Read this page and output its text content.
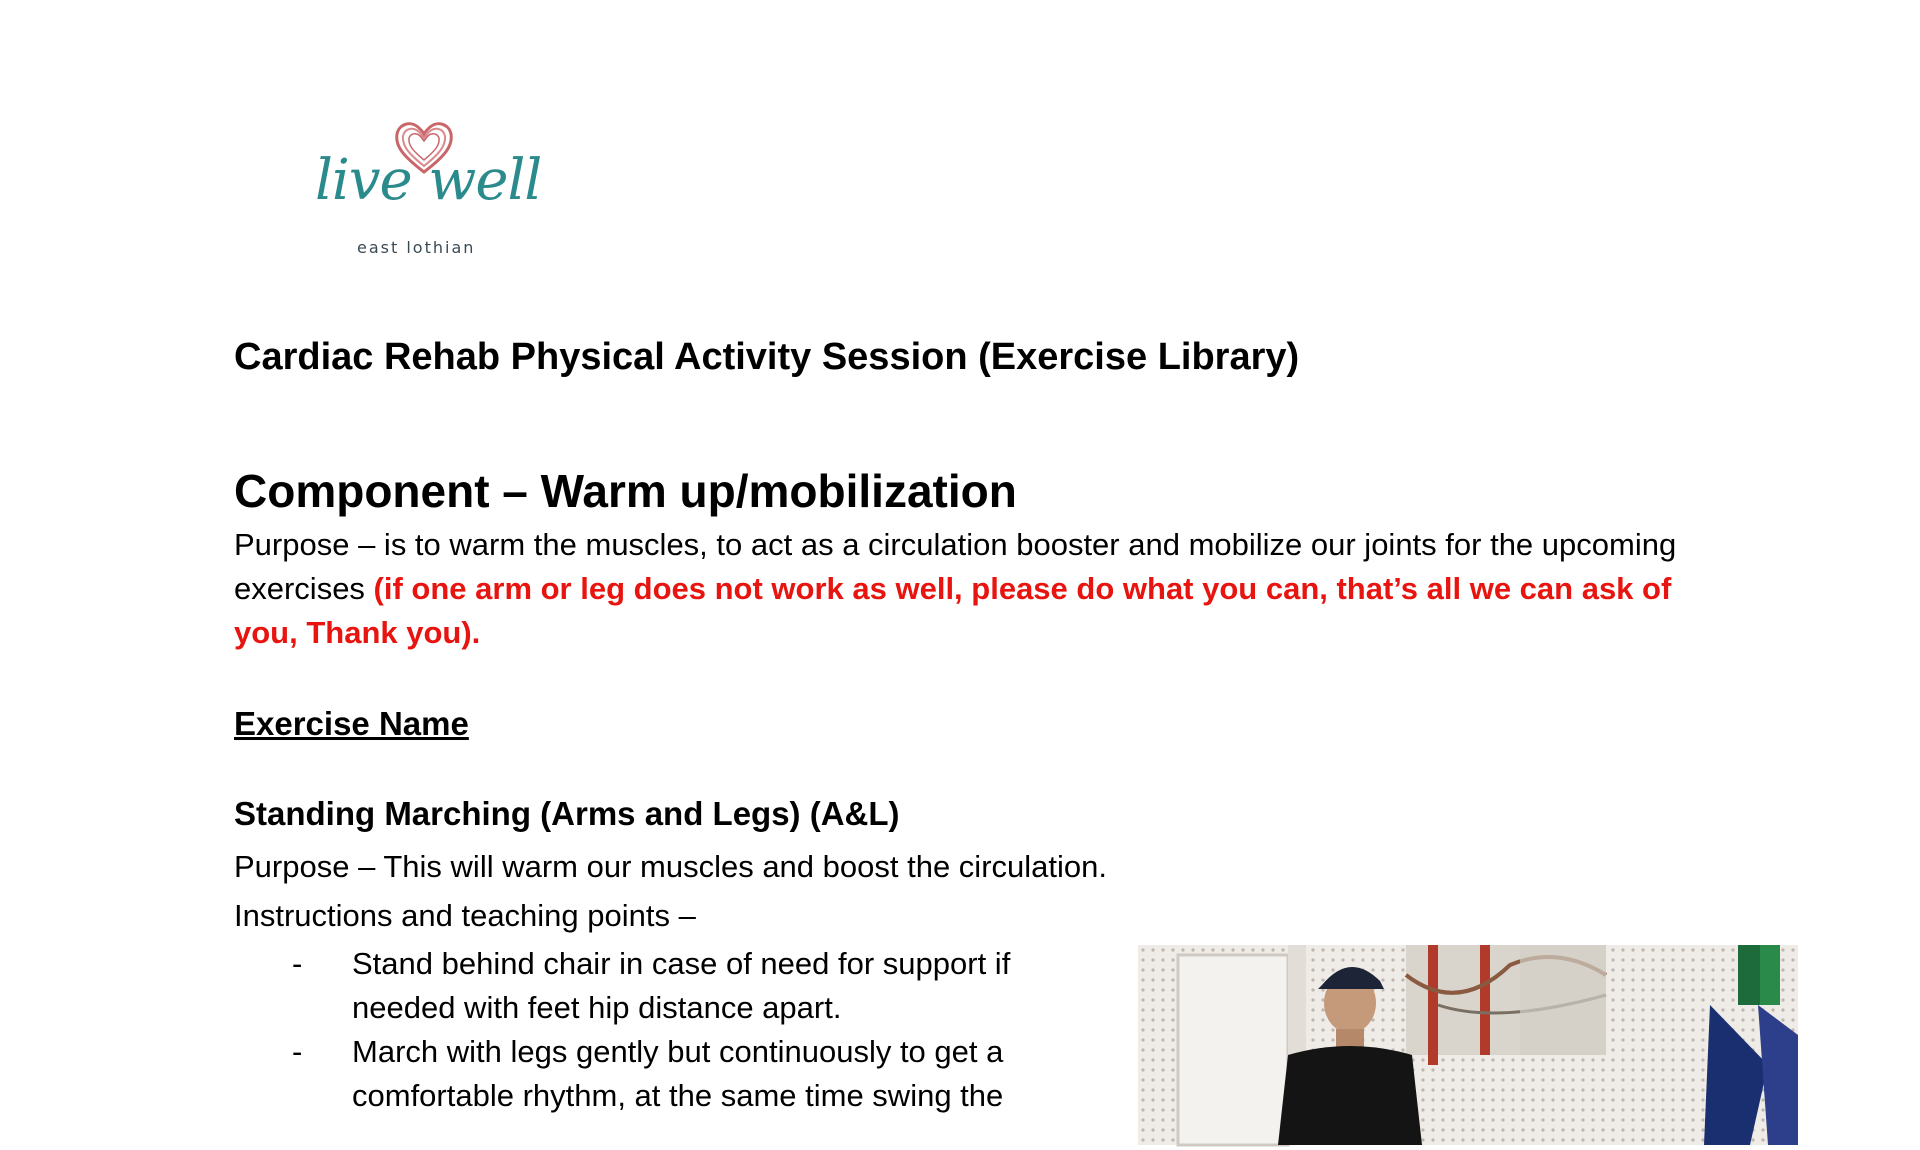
live well
east lothian
Cardiac Rehab Physical Activity Session (Exercise Library)
Component – Warm up/mobilization
Purpose – is to warm the muscles, to act as a circulation booster and mobilize our joints for the upcoming exercises (if one arm or leg does not work as well, please do what you can, that’s all we can ask of you, Thank you).
Exercise Name
Standing Marching (Arms and Legs) (A&L)
Purpose – This will warm our muscles and boost the circulation.
Instructions and teaching points –
- Stand behind chair in case of need for support if needed with feet hip distance apart.
- March with legs gently but continuously to get a comfortable rhythm, at the same time swing the
